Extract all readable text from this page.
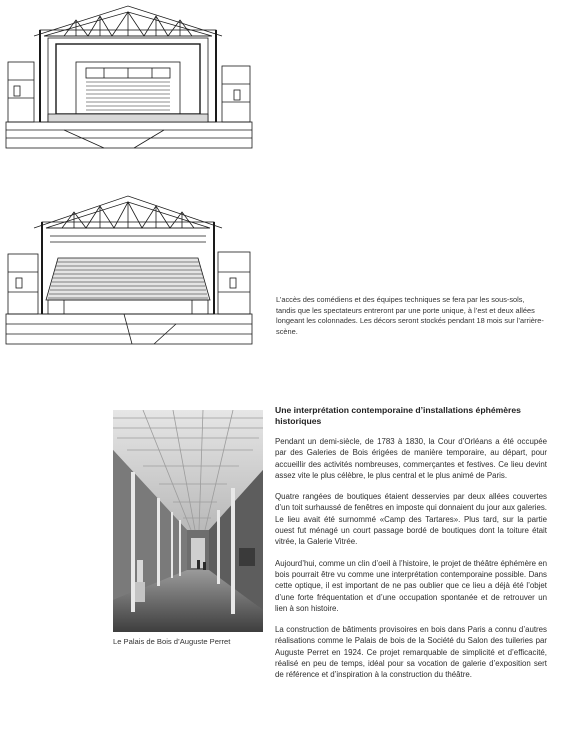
L’accès des comédiens et des équipes techniques se fera par les sous-sols, tandis que les spectateurs entreront par une porte unique, à l’est et deux allées longeant les colonnades. Les décors seront stockés pendant 18 mois sur l’arrière-scène.
Le Palais de Bois d’Auguste Perret
Une interprétation contemporaine d’installations éphémères historiques

Pendant un demi-siècle, de 1783 à 1830, la Cour d’Orléans a été occupée par des Galeries de Bois érigées de manière temporaire, au départ, pour accueillir des activités nombreuses, commerçantes et festives. Ce lieu devint assez vite le plus célèbre, le plus central et le plus animé de Paris.

Quatre rangées de boutiques étaient desservies par deux allées couvertes d’un toit surhaussé de fenêtres en imposte qui donnaient du jour aux galeries. Le lieu avait été surnommé «Camp des Tartares». Plus tard, sur la partie ouest fut ménagé un court passage bordé de boutiques dont la toiture était vitrée, la Galerie Vitrée.

Aujourd’hui, comme un clin d’oeil à l’histoire, le projet de théâtre éphémère en bois pourrait être vu comme une interprétation contemporaine possible. Dans cette optique, il est important de ne pas oublier que ce lieu a déjà été l’objet d’une forte fréquentation et d’une occupation spontanée et de retrouver un lien à son histoire.

La construction de bâtiments provisoires en bois dans Paris a connu d’autres réalisations comme le Palais de bois de la Société du Salon des tuileries par Auguste Perret en 1924. Ce projet remarquable de simplicité et d’efficacité, réalisé en peu de temps, idéal pour sa vocation de galerie d’exposition sert de référence et d’inspiration à la construction du théâtre.
